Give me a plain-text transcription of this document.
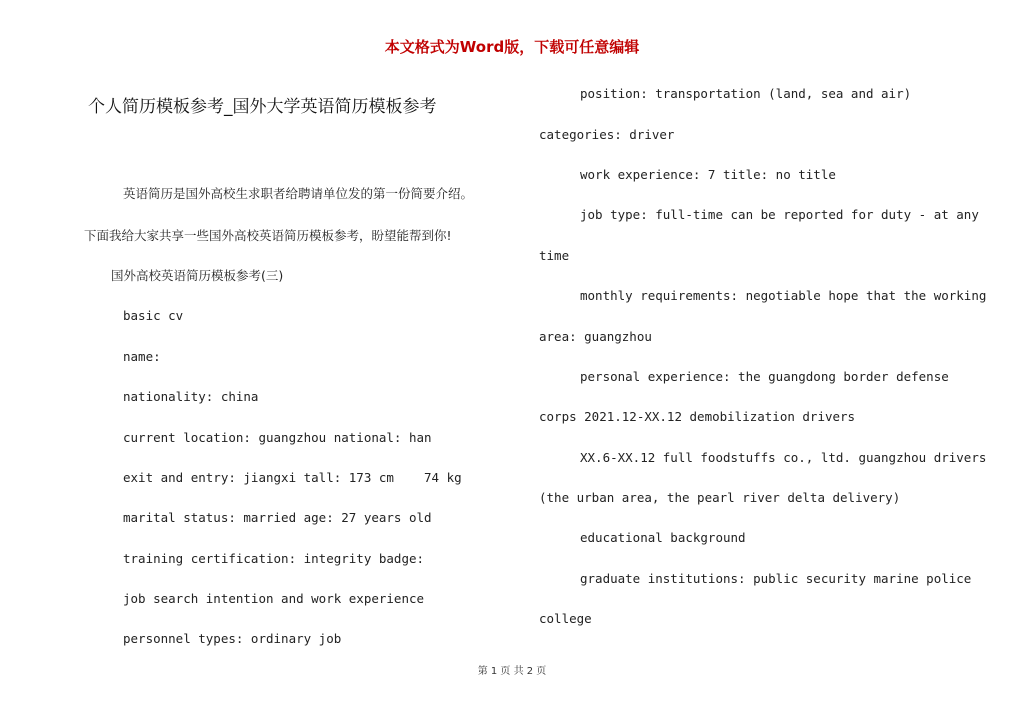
本文格式为Word版，下载可任意编辑
个人简历模板参考_国外大学英语简历模板参考
英语简历是国外高校生求职者给聘请单位发的第一份简要介绍。
下面我给大家共享一些国外高校英语简历模板参考，盼望能帮到你!
国外高校英语简历模板参考(三)
basic cv
name:
nationality: china
current location: guangzhou national: han
exit and entry: jiangxi tall: 173 cm    74 kg
marital status: married age: 27 years old
training certification: integrity badge:
job search intention and work experience
personnel types: ordinary job
position: transportation (land, sea and air)
categories: driver
work experience: 7 title: no title
job type: full-time can be reported for duty - at any
time
monthly requirements: negotiable hope that the working
area: guangzhou
personal experience: the guangdong border defense
corps 2021.12-XX.12 demobilization drivers
XX.6-XX.12 full foodstuffs co., ltd. guangzhou drivers
(the urban area, the pearl river delta delivery)
educational background
graduate institutions: public security marine police
college
第 1 页 共 2 页
